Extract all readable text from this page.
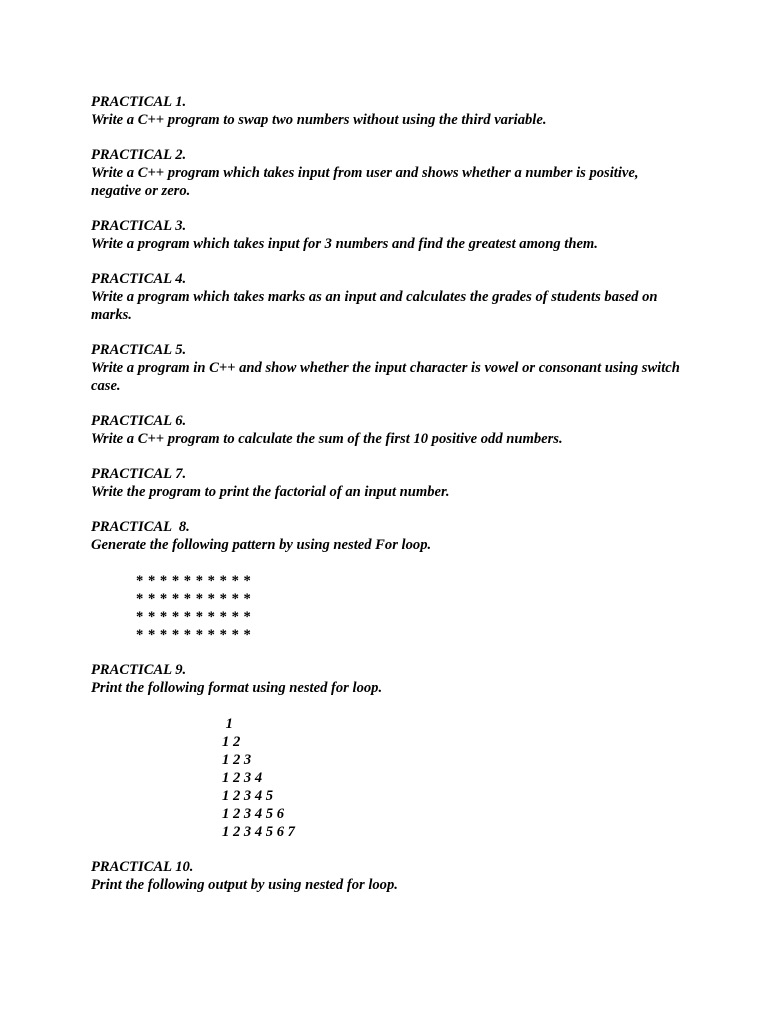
PRACTICAL 1.
Write a C++ program to swap two numbers without using the third variable.
PRACTICAL 2.
Write a C++ program which takes input from user and shows whether a number is positive, negative or zero.
PRACTICAL 3.
Write a program which takes input for 3 numbers and find the greatest among them.
PRACTICAL 4.
Write a program which takes marks as an input and calculates the grades of students based on marks.
PRACTICAL 5.
Write a program in C++ and show whether the input character is vowel or consonant using switch case.
PRACTICAL 6.
Write a C++ program to calculate the sum of the first 10 positive odd numbers.
PRACTICAL 7.
Write the program to print the factorial of an input number.
PRACTICAL  8.
Generate the following pattern by using nested For loop.
* * * * * * * * * *
* * * * * * * * * *
* * * * * * * * * *
* * * * * * * * * *
PRACTICAL 9.
Print the following format using nested for loop.
1
1 2
1 2 3
1 2 3 4
1 2 3 4 5
1 2 3 4 5 6
1 2 3 4 5 6 7
PRACTICAL 10.
Print the following output by using nested for loop.
